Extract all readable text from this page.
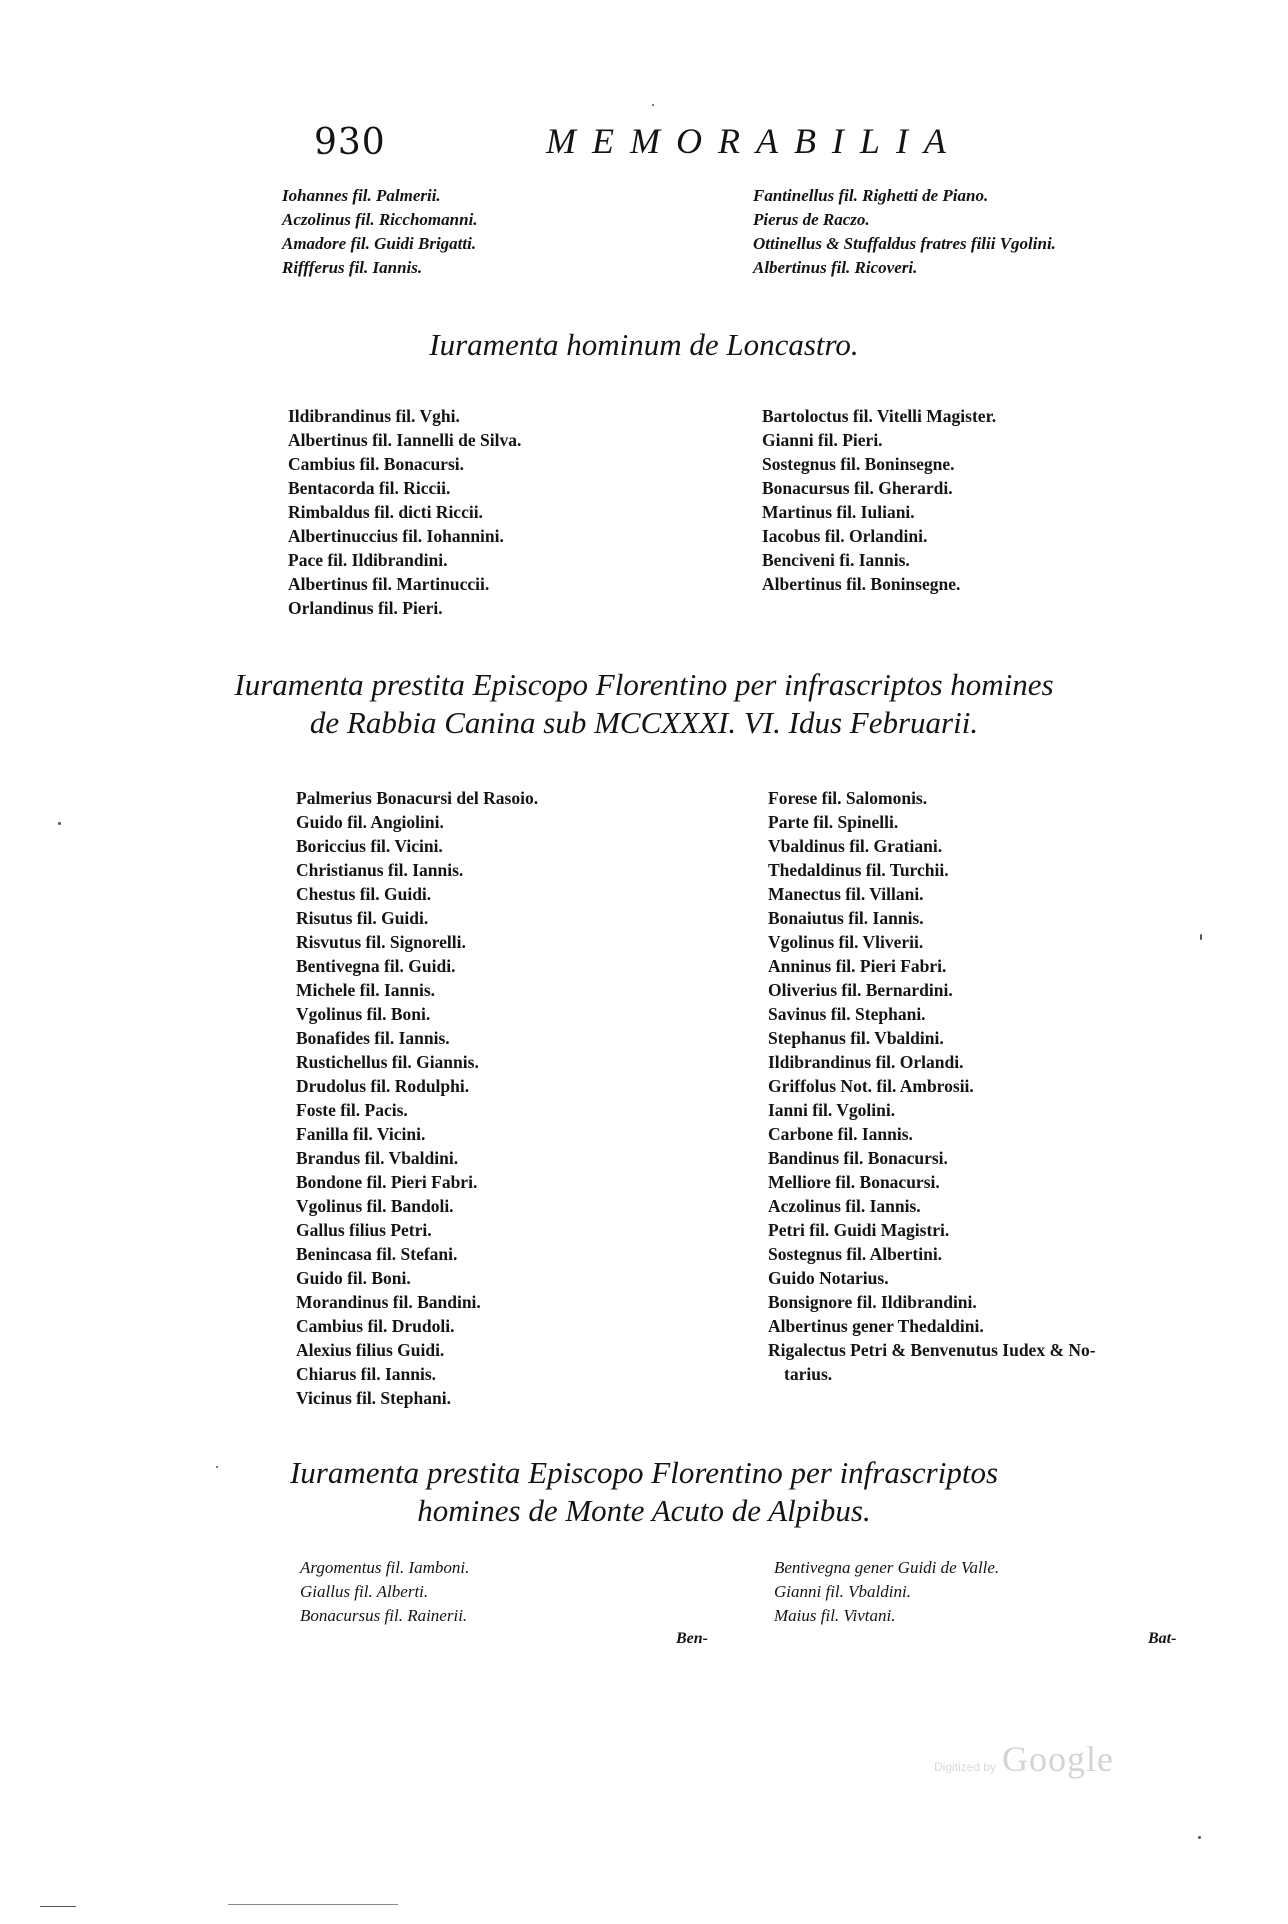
930	MEMORABILIA
Iohannes fil. Palmerii.
Aczolinus fil. Ricchomanni.
Amadore fil. Guidi Brigatti.
Riffferus fil. Iannis.
Fantinellus fil. Righetti de Piano.
Pierus de Raczo.
Ottinellus & Stuffaldus fratres filii Vgolini.
Albertinus fil. Ricoveri.
Iuramenta hominum de Loncastro.
Ildibrandinus fil. Vghi.
Albertinus fil. Iannelli de Silva.
Cambius fil. Bonacursi.
Bentacorda fil. Riccii.
Rimbaldus fil. dicti Riccii.
Albertinuccius fil. Iohannini.
Pace fil. Ildibrandini.
Albertinus fil. Martinuccii.
Orlandinus fil. Pieri.
Bartoloctus fil. Vitelli Magister.
Gianni fil. Pieri.
Sostegnus fil. Boninsegne.
Bonacursus fil. Gherardi.
Martinus fil. Iuliani.
Iacobus fil. Orlandini.
Benciveni fi. Iannis.
Albertinus fil. Boninsegne.
Iuramenta prestita Episcopo Florentino per infrascriptos homines
de Rabbia Canina sub MCCXXXI. VI. Idus Februarii.
Palmerius Bonacursi del Rasoio.
Guido fil. Angiolini.
Boriccius fil. Vicini.
Christianus fil. Iannis.
Chestus fil. Guidi.
Risutus fil. Guidi.
Risvutus fil. Signorelli.
Bentivegna fil. Guidi.
Michele fil. Iannis.
Vgolinus fil. Boni.
Bonafides fil. Iannis.
Rustichellus fil. Giannis.
Drudolus fil. Rodulphi.
Foste fil. Pacis.
Fanilla fil. Vicini.
Brandus fil. Vbaldini.
Bondone fil. Pieri Fabri.
Vgolinus fil. Bandoli.
Gallus filius Petri.
Benincasa fil. Stefani.
Guido fil. Boni.
Morandinus fil. Bandini.
Cambius fil. Drudoli.
Alexius filius Guidi.
Chiarus fil. Iannis.
Vicinus fil. Stephani.
Forese fil. Salomonis.
Parte fil. Spinelli.
Vbaldinus fil. Gratiani.
Thedaldinus fil. Turchii.
Manectus fil. Villani.
Bonaiutus fil. Iannis.
Vgolinus fil. Vliverii.
Anninus fil. Pieri Fabri.
Oliverius fil. Bernardini.
Savinus fil. Stephani.
Stephanus fil. Vbaldini.
Ildibrandinus fil. Orlandi.
Griffolus Not. fil. Ambrosii.
Ianni fil. Vgolini.
Carbone fil. Iannis.
Bandinus fil. Bonacursi.
Melliore fil. Bonacursi.
Aczolinus fil. Iannis.
Petri fil. Guidi Magistri.
Sostegnus fil. Albertini.
Guido Notarius.
Bonsignore fil. Ildibrandini.
Albertinus gener Thedaldini.
Rigalectus Petri & Benvenutus Iudex & No-
tarius.
Iuramenta prestita Episcopo Florentino per infrascriptos
homines de Monte Acuto de Alpibus.
Argomentus fil. Iamboni.
Giallus fil. Alberti.
Bonacursus fil. Rainerii.
Bentivegna gener Guidi de Valle.
Gianni fil. Vbaldini.
Maius fil. Vivtani.
Ben-	Bat-
Digitized by Google
